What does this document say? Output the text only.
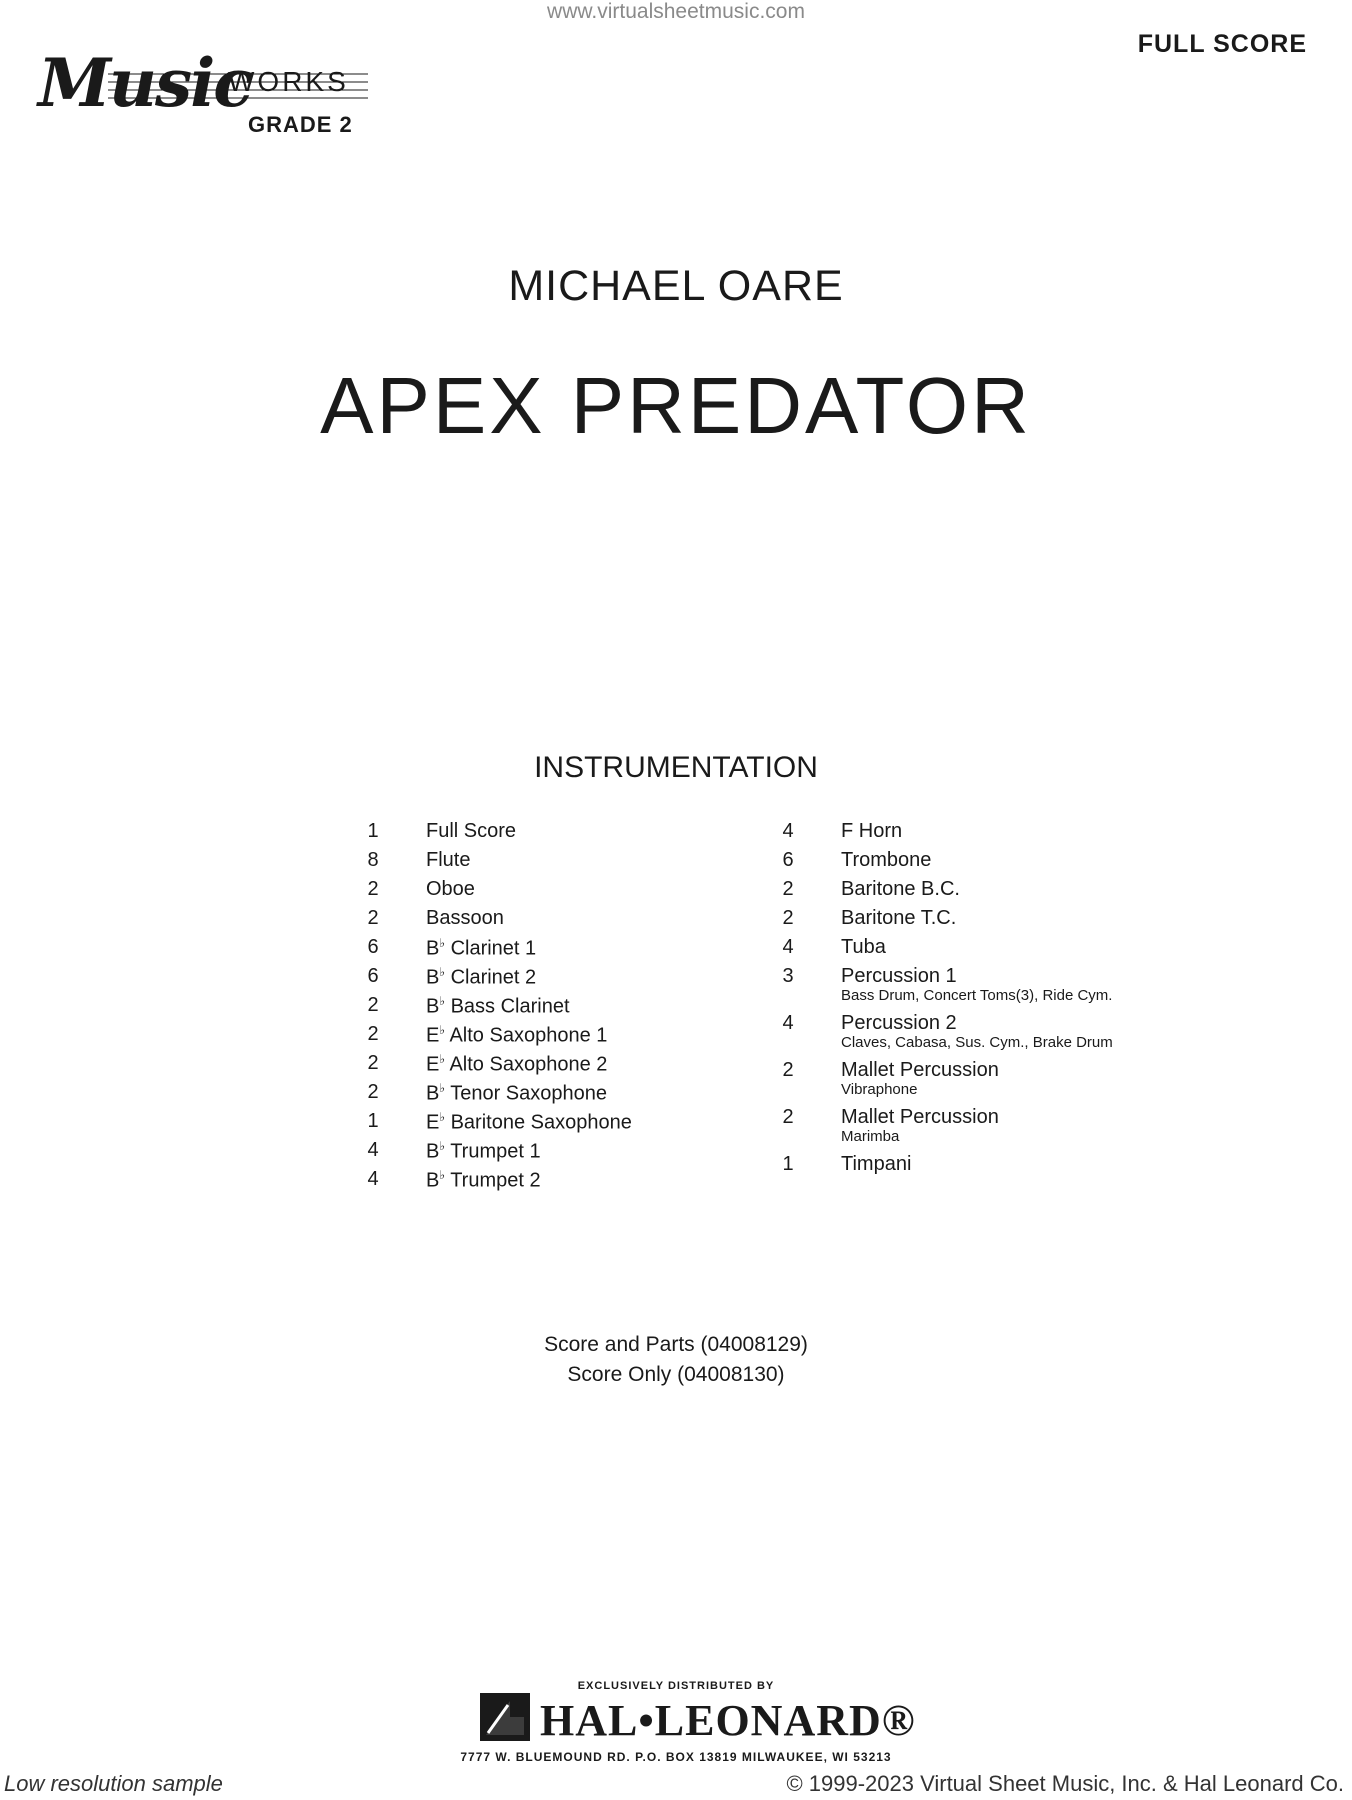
www.virtualsheetmusic.com
Music
WORKS
GRADE 2
FULL SCORE
MICHAEL OARE
APEX PREDATOR
INSTRUMENTATION
1	Full Score
8	Flute
2	Oboe
2	Bassoon
6	B♭ Clarinet 1
6	B♭ Clarinet 2
2	B♭ Bass Clarinet
2	E♭ Alto Saxophone 1
2	E♭ Alto Saxophone 2
2	B♭ Tenor Saxophone
1	E♭ Baritone Saxophone
4	B♭ Trumpet 1
4	B♭ Trumpet 2
4	F Horn
6	Trombone
2	Baritone B.C.
2	Baritone T.C.
4	Tuba
3	Percussion 1
Bass Drum, Concert Toms(3), Ride Cym.
4	Percussion 2
Claves, Cabasa, Sus. Cym., Brake Drum
2	Mallet Percussion
Vibraphone
2	Mallet Percussion
Marimba
1	Timpani
Score and Parts (04008129)
Score Only (04008130)
EXCLUSIVELY DISTRIBUTED BY
HAL•LEONARD®
7777 W. BLUEMOUND RD. P.O. BOX 13819 MILWAUKEE, WI 53213
Low resolution sample	© 1999-2023 Virtual Sheet Music, Inc. & Hal Leonard Co.
